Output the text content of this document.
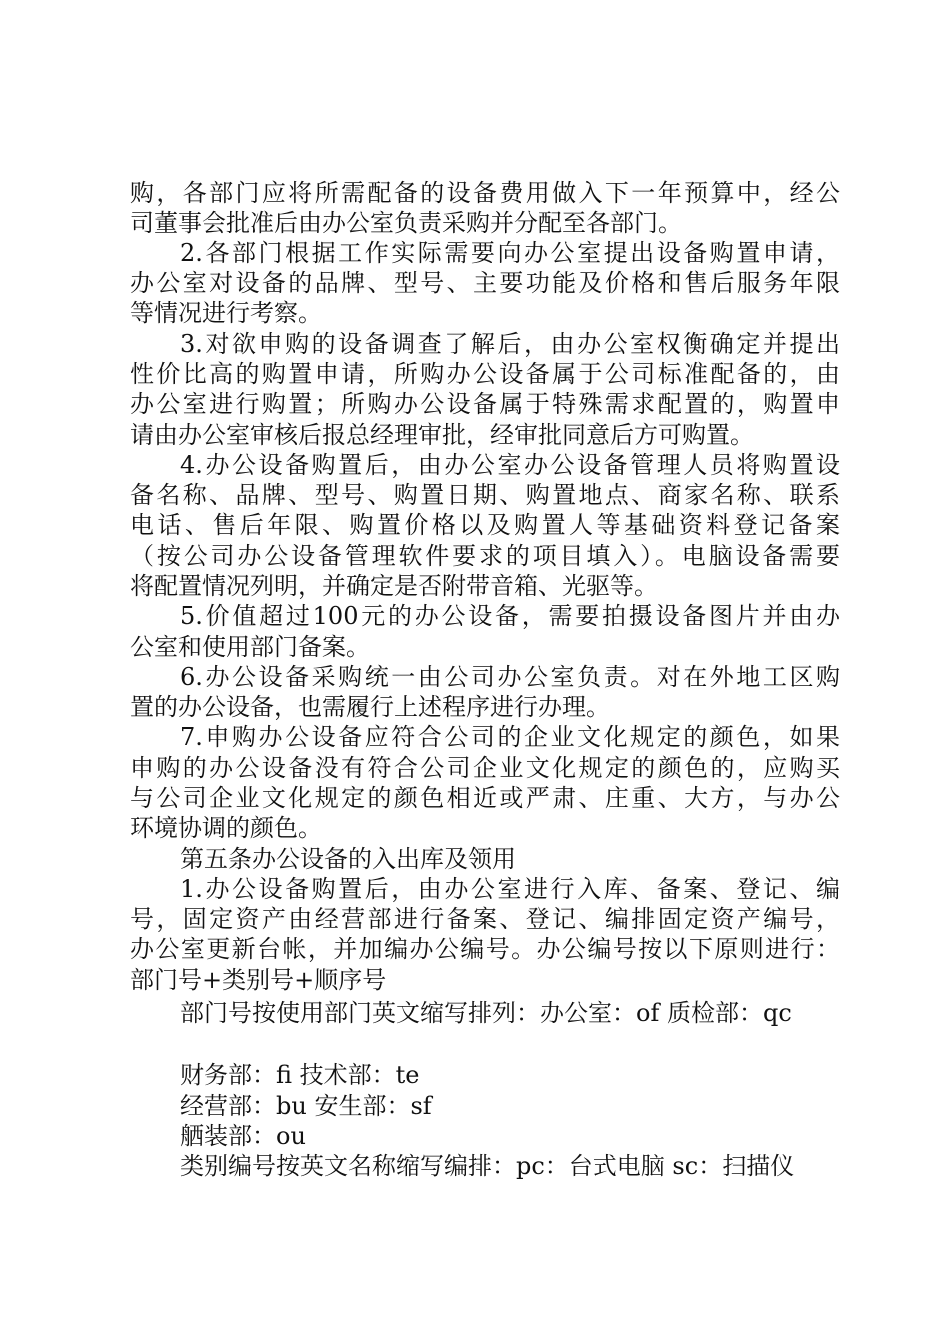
购，各部门应将所需配备的设备费用做入下一年预算中，经公
司董事会批准后由办公室负责采购并分配至各部门。
2.各部门根据工作实际需要向办公室提出设备购置申请，
办公室对设备的品牌、型号、主要功能及价格和售后服务年限
等情况进行考察。
3.对欲申购的设备调查了解后，由办公室权衡确定并提出
性价比高的购置申请，所购办公设备属于公司标准配备的，由
办公室进行购置；所购办公设备属于特殊需求配置的，购置申
请由办公室审核后报总经理审批，经审批同意后方可购置。
4.办公设备购置后，由办公室办公设备管理人员将购置设
备名称、品牌、型号、购置日期、购置地点、商家名称、联系
电话、售后年限、购置价格以及购置人等基础资料登记备案
（按公司办公设备管理软件要求的项目填入）。电脑设备需要
将配置情况列明，并确定是否附带音箱、光驱等。
5.价值超过100元的办公设备，需要拍摄设备图片并由办
公室和使用部门备案。
6.办公设备采购统一由公司办公室负责。对在外地工区购
置的办公设备，也需履行上述程序进行办理。
7.申购办公设备应符合公司的企业文化规定的颜色，如果
申购的办公设备没有符合公司企业文化规定的颜色的，应购买
与公司企业文化规定的颜色相近或严肃、庄重、大方，与办公
环境协调的颜色。
第五条办公设备的入出库及领用
1.办公设备购置后，由办公室进行入库、备案、登记、编
号，固定资产由经营部进行备案、登记、编排固定资产编号，
办公室更新台帐，并加编办公编号。办公编号按以下原则进行：
部门号+类别号+顺序号
部门号按使用部门英文缩写排列：办公室：of 质检部：qc
财务部：fi 技术部：te
经营部：bu 安生部：sf
舾装部：ou
类别编号按英文名称缩写编排：pc：台式电脑 sc：扫描仪
